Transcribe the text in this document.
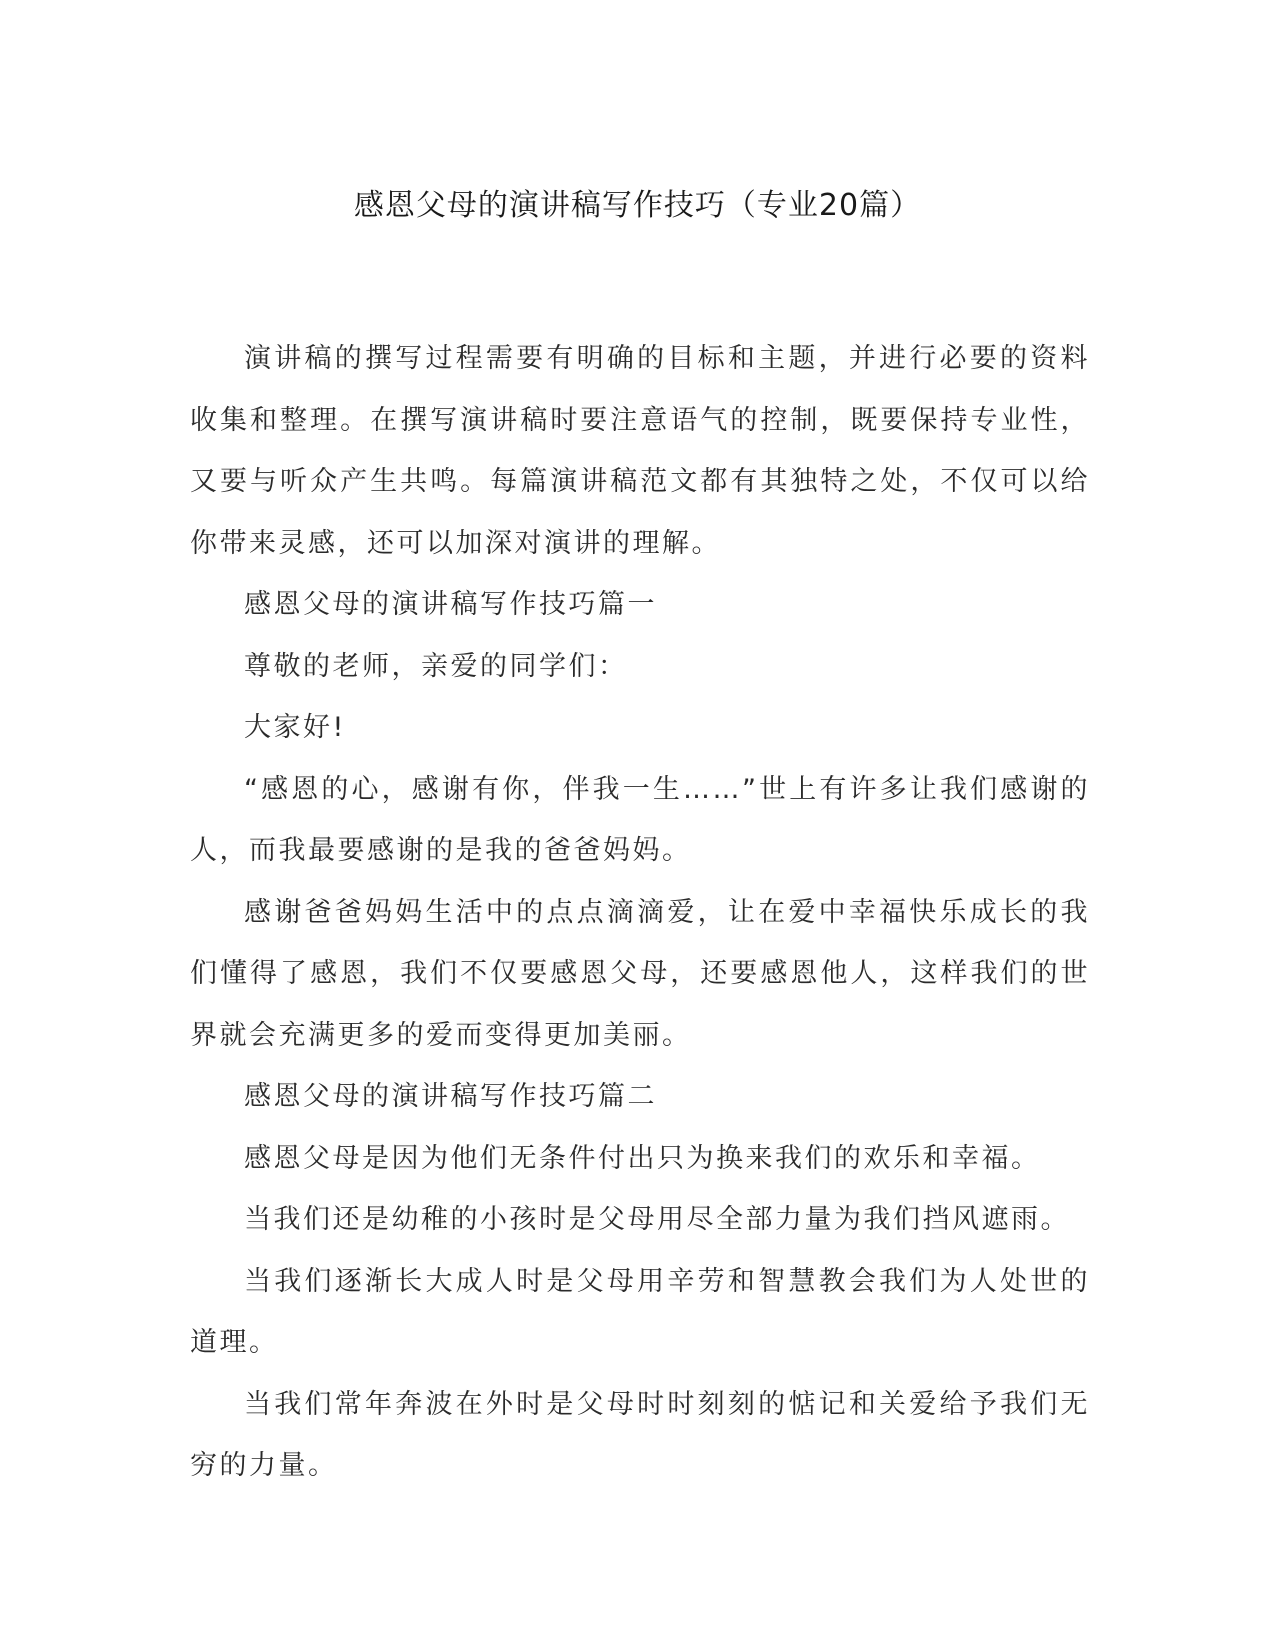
感恩父母的演讲稿写作技巧（专业20篇）

演讲稿的撰写过程需要有明确的目标和主题，并进行必要的资料收集和整理。在撰写演讲稿时要注意语气的控制，既要保持专业性，又要与听众产生共鸣。每篇演讲稿范文都有其独特之处，不仅可以给你带来灵感，还可以加深对演讲的理解。

感恩父母的演讲稿写作技巧篇一

尊敬的老师，亲爱的同学们：

大家好!

“感恩的心，感谢有你，伴我一生……”世上有许多让我们感谢的人，而我最要感谢的是我的爸爸妈妈。

感谢爸爸妈妈生活中的点点滴滴爱，让在爱中幸福快乐成长的我们懂得了感恩，我们不仅要感恩父母，还要感恩他人，这样我们的世界就会充满更多的爱而变得更加美丽。

感恩父母的演讲稿写作技巧篇二

感恩父母是因为他们无条件付出只为换来我们的欢乐和幸福。

当我们还是幼稚的小孩时是父母用尽全部力量为我们挡风遮雨。

当我们逐渐长大成人时是父母用辛劳和智慧教会我们为人处世的道理。

当我们常年奔波在外时是父母时时刻刻的惦记和关爱给予我们无穷的力量。
